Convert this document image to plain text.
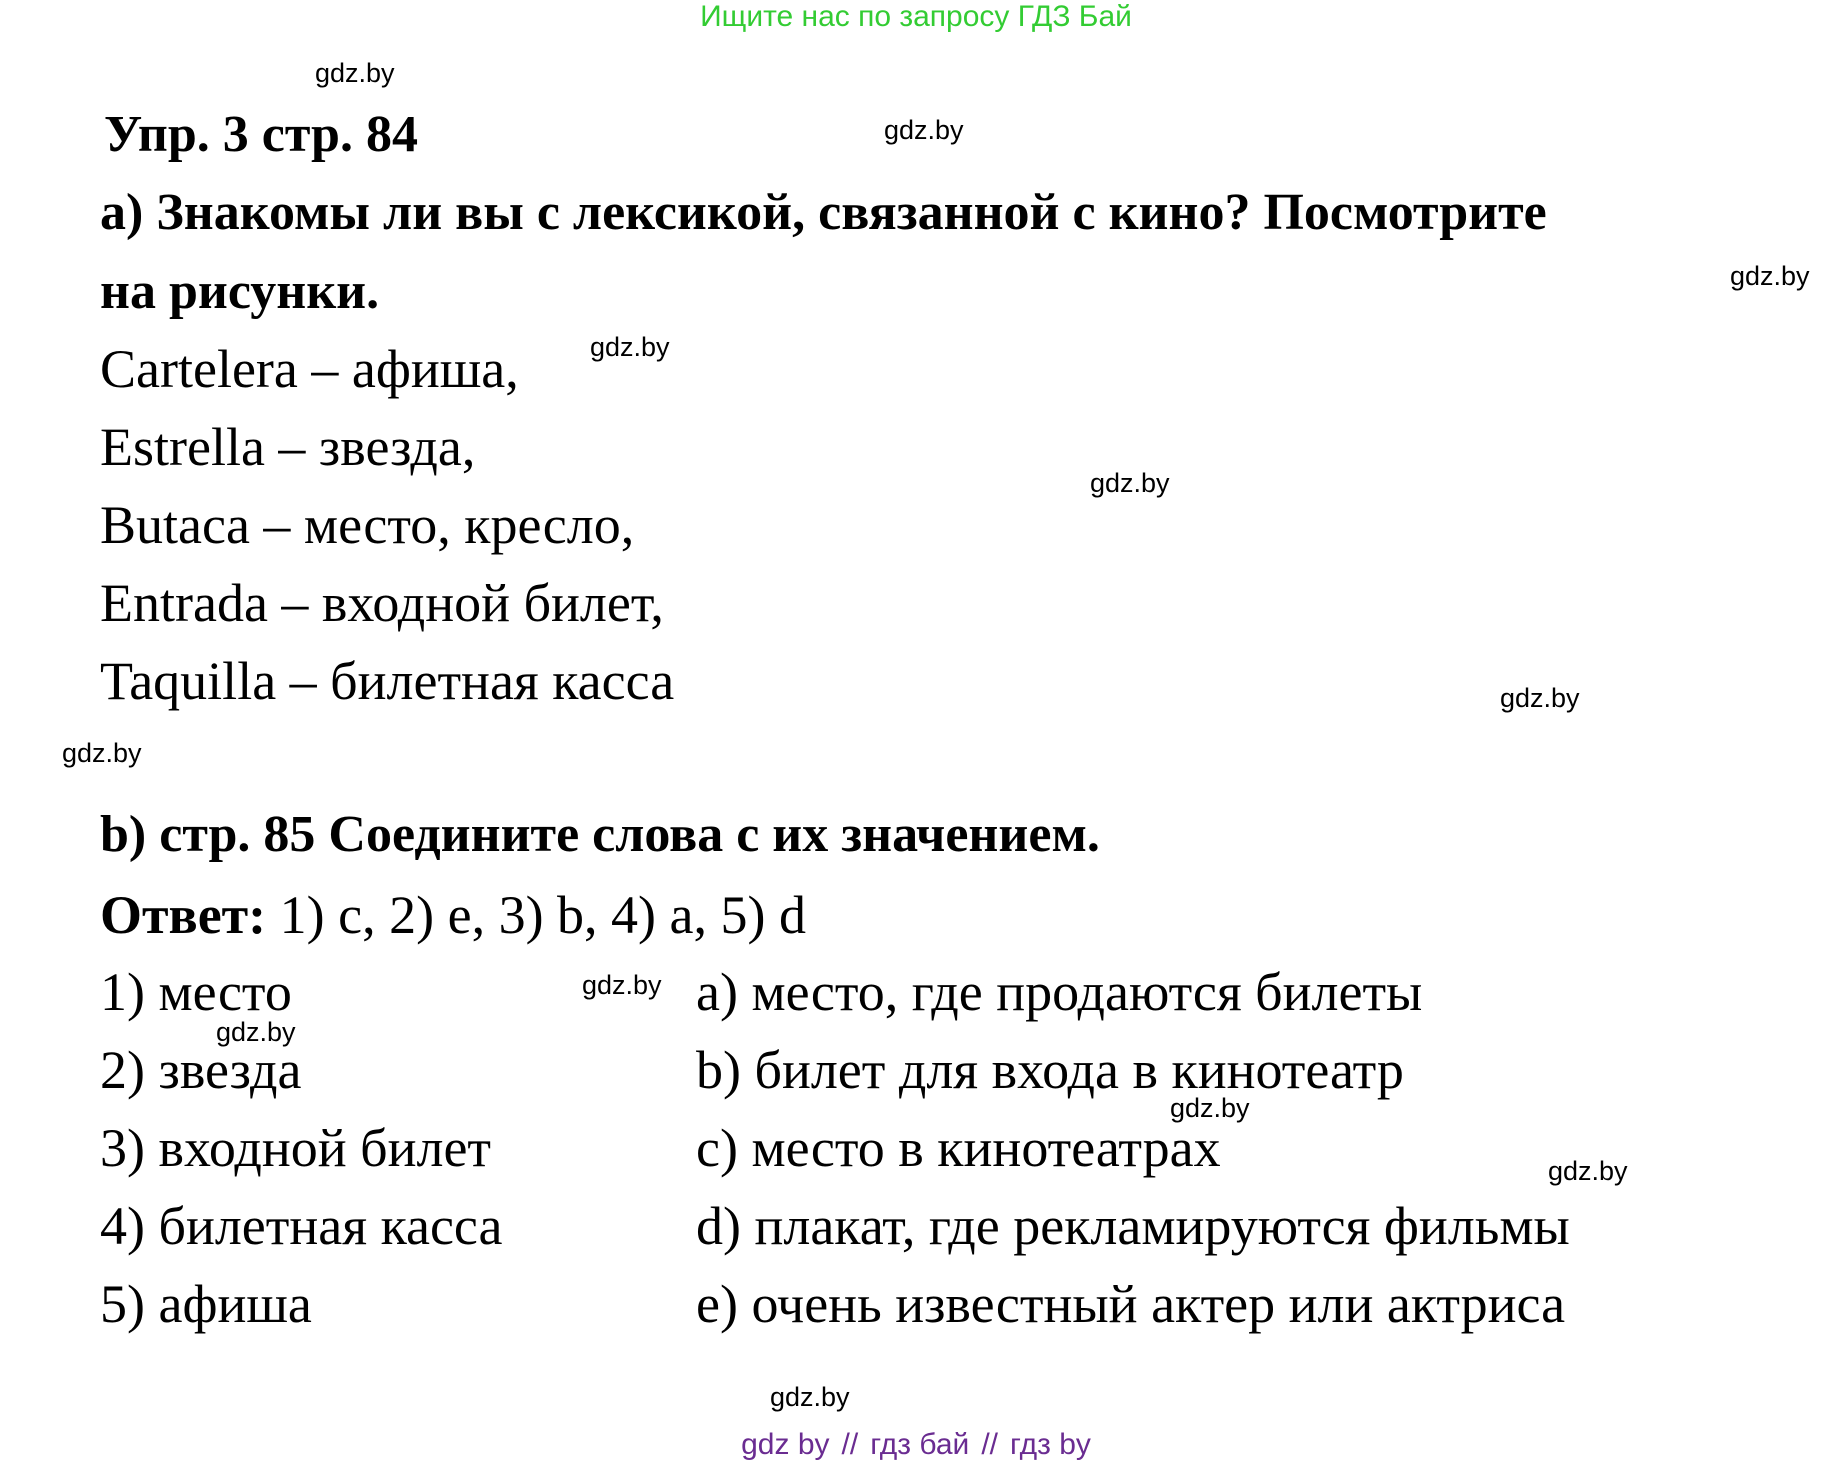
Ищите нас по запросу ГДЗ Бай
gdz.by
gdz.by
gdz.by
gdz.by
gdz.by
gdz.by
gdz.by
gdz.by
gdz.by
gdz.by
gdz.by
gdz.by
Упр. 3 стр. 84
a) Знакомы ли вы с лексикой, связанной с кино? Посмотрите
на рисунки.
Cartelera – афиша,
Estrella – звезда,
Butaca – место, кресло,
Entrada – входной билет,
Taquilla – билетная касса
b) стр. 85 Соедините слова с их значением.
Ответ: 1) c, 2) e, 3) b, 4) a, 5) d
1) место
2) звезда
3) входной билет
4) билетная касса
5) афиша
a) место, где продаются билеты
b) билет для входа в кинотеатр
c) место в кинотеатрах
d) плакат, где рекламируются фильмы
e) очень известный актер или актриса
gdz by // гдз бай // гдз by
